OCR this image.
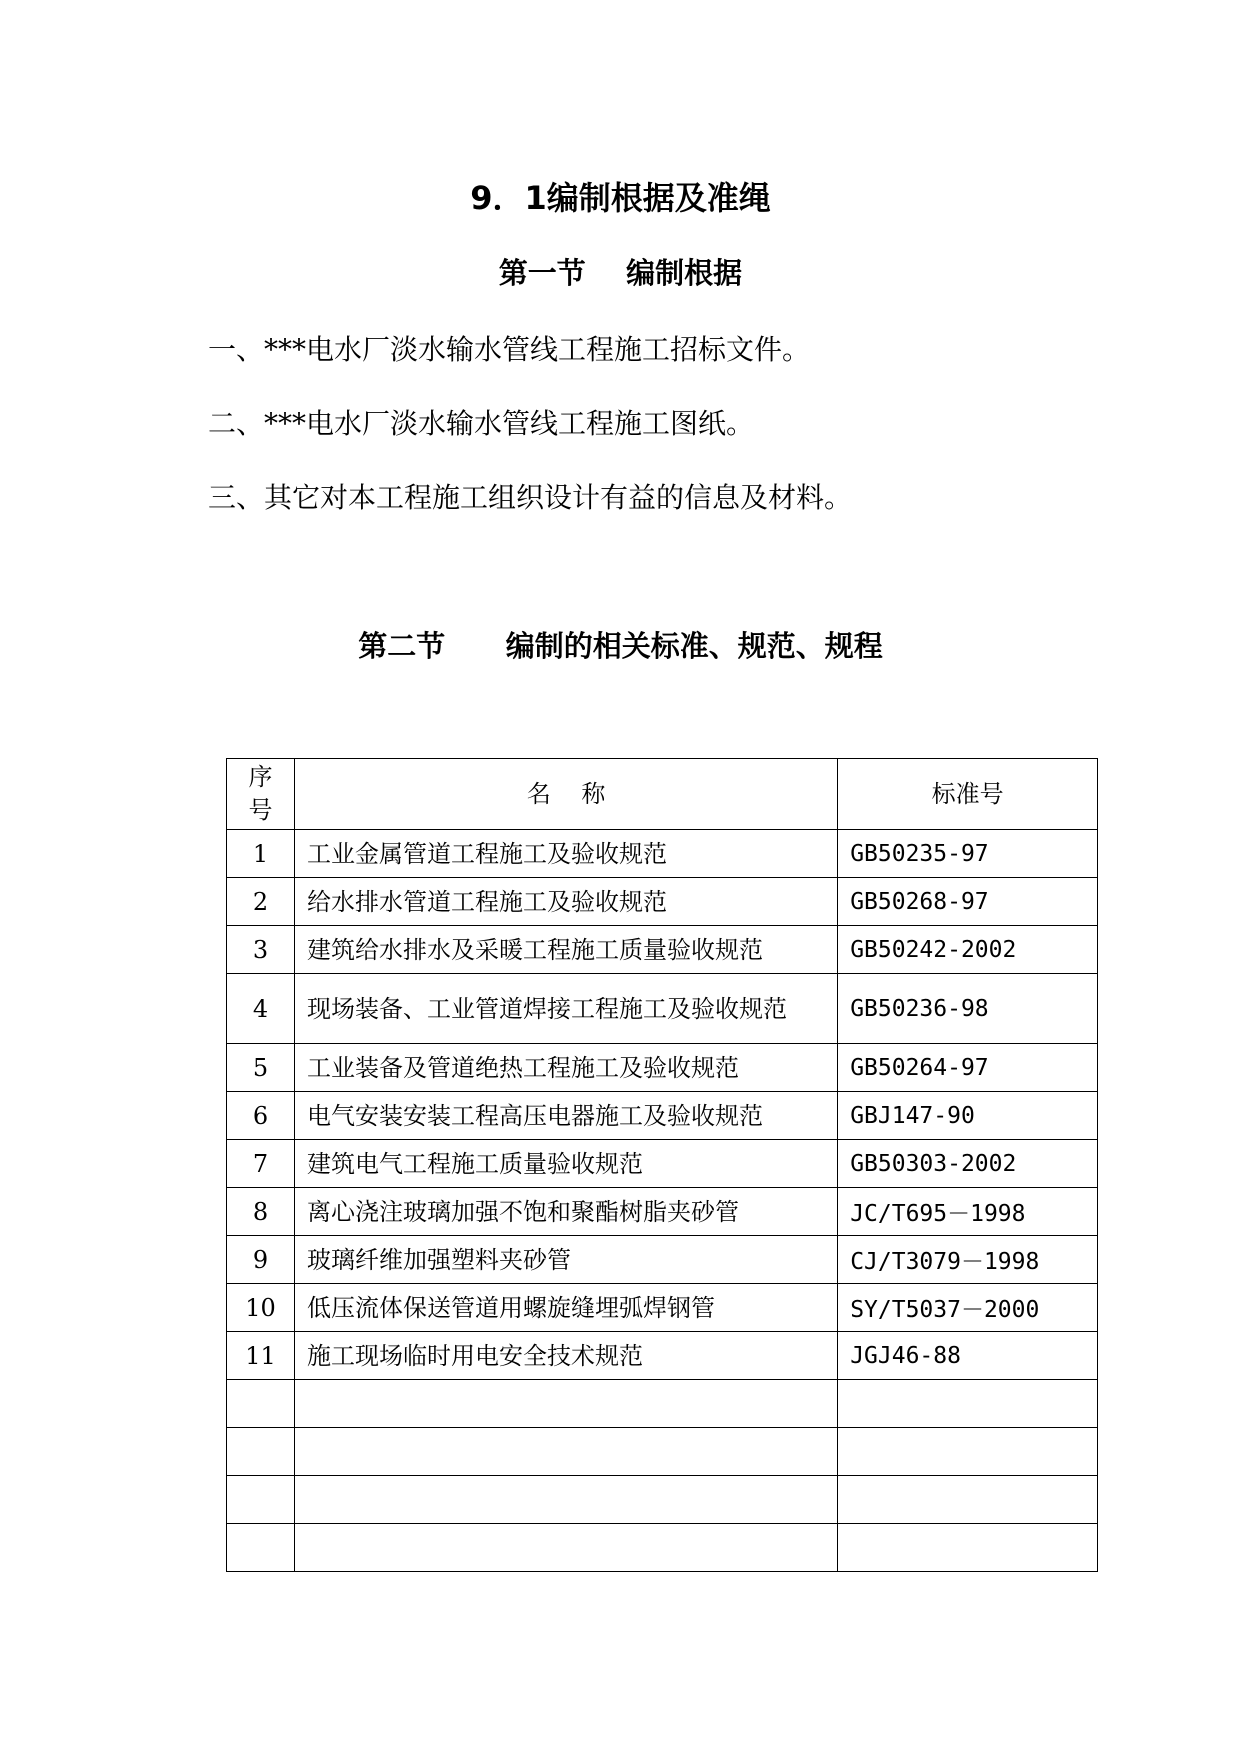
9．1编制根据及准绳
第一节    编制根据
一、***电水厂淡水输水管线工程施工招标文件。
二、***电水厂淡水输水管线工程施工图纸。
三、其它对本工程施工组织设计有益的信息及材料。
第二节      编制的相关标准、规范、规程
序号	名    称	标准号
1	工业金属管道工程施工及验收规范	GB50235-97
2	给水排水管道工程施工及验收规范	GB50268-97
3	建筑给水排水及采暖工程施工质量验收规范	GB50242-2002
4	现场装备、工业管道焊接工程施工及验收规范	GB50236-98
5	工业装备及管道绝热工程施工及验收规范	GB50264-97
6	电气安装安装工程高压电器施工及验收规范	GBJ147-90
7	建筑电气工程施工质量验收规范	GB50303-2002
8	离心浇注玻璃加强不饱和聚酯树脂夹砂管	JC/T695－1998
9	玻璃纤维加强塑料夹砂管	CJ/T3079－1998
10	低压流体保送管道用螺旋缝埋弧焊钢管	SY/T5037－2000
11	施工现场临时用电安全技术规范	JGJ46-88
